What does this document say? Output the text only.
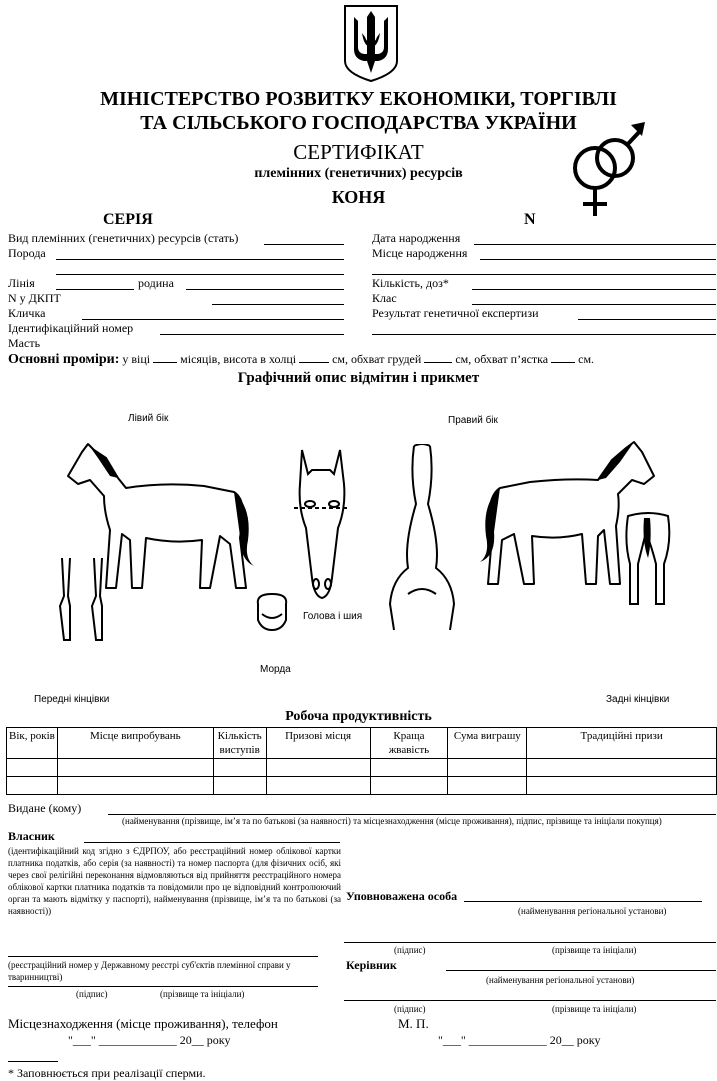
МІНІСТЕРСТВО РОЗВИТКУ ЕКОНОМІКИ, ТОРГІВЛІ
ТА СІЛЬСЬКОГО ГОСПОДАРСТВА УКРАЇНИ
СЕРТИФІКАТ
племінних (генетичних) ресурсів
КОНЯ
СЕРІЯ	N
Вид племінних (генетичних) ресурсів (стать)
Порода
Лінія	родина
N у ДКПТ
Кличка
Ідентифікаційний номер
Масть
Дата народження
Місце народження
Кількість, доз*
Клас
Результат генетичної експертизи
Основні проміри: у віці	місяців, висота в холці	см, обхват грудей	см, обхват п’ястка	см.
Графічний опис відмітин і прикмет
Лівий бік	Правий бік
Голова і шия
Морда
Передні кінцівки	Задні кінцівки
Робоча продуктивність
Вік, років	Місце випробувань	Кількість виступів	Призові місця	Краща жвавість	Сума виграшу	Традиційні призи

Видане (кому)
(найменування (прізвище, ім’я та по батькові (за наявності) та місцезнаходження (місце проживання), підпис, прізвище та ініціали покупця)
Власник
(ідентифікаційний код згідно з ЄДРПОУ, або реєстраційний номер облікової картки платника податків, або серія (за наявності) та номер паспорта (для фізичних осіб, які через свої релігійні переконання відмовляються від прийняття реєстраційного номера облікової картки платника податків та повідомили про це відповідний контролюючий орган та мають відмітку у паспорті), найменування (прізвище, ім’я та по батькові (за наявності))
(реєстраційний номер у Державному реєстрі суб'єктів племінної справи у тваринництві)
(підпис)	(прізвище та ініціали)
Місцезнаходження (місце проживання), телефон
"___" _____________ 20__ року
Уповноважена особа
(найменування регіональної установи)
(підпис)	(прізвище та ініціали)
Керівник
(найменування регіональної установи)
(підпис)	(прізвище та ініціали)
М. П.
"___" _____________ 20__ року
* Заповнюється при реалізації сперми.
